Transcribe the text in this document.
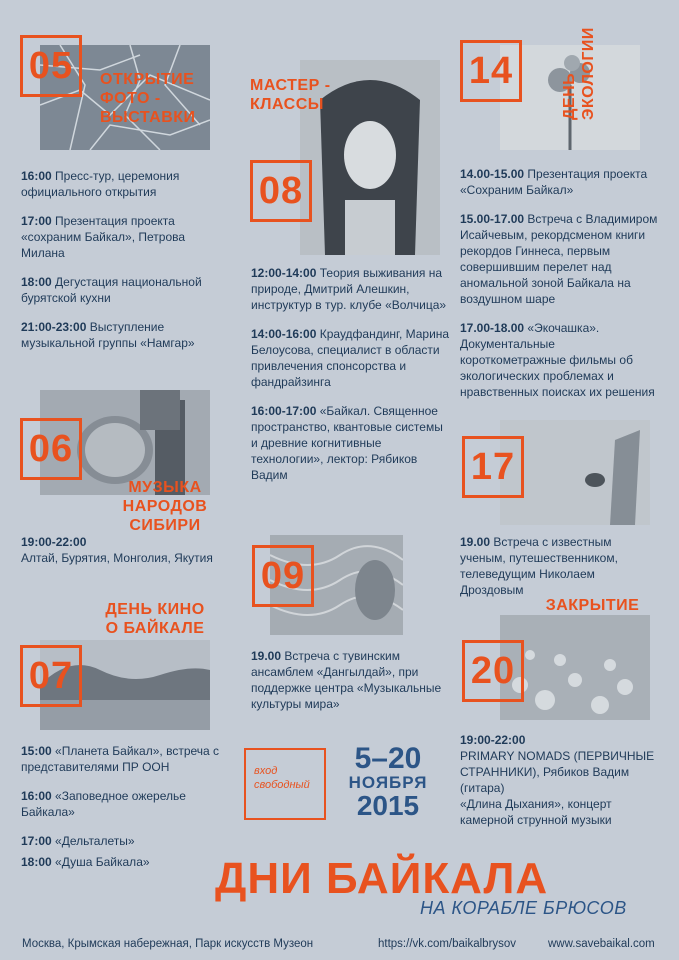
05	ОТКРЫТИЕ
ФОТО -
ВЫСТАВКИ

16:00 Пресс-тур, церемония официального открытия

17:00 Презентация проекта «сохраним Байкал», Петрова Милана

18:00 Дегустация национальной бурятской кухни

21:00-23:00 Выступление музыкальной группы «Намгар»

06
МУЗЫКА
НАРОДОВ
СИБИРИ

19:00-22:00
Алтай, Бурятия, Монголия, Якутия

ДЕНЬ КИНО
О БАЙКАЛЕ
07

15:00 «Планета Байкал», встреча с представителями ПР ООН

16:00 «Заповедное ожерелье Байкала»

17:00 «Дельталеты»

18:00 «Душа Байкала»

МАСТЕР -
КЛАССЫ
08

12:00-14:00 Теория выживания на природе, Дмитрий Алешкин, инструктур в тур. клубе «Волчица»

14:00-16:00 Краудфандинг, Марина Белоусова, специалист в области привлечения спонсорства и фандрайзинга

16:00-17:00 «Байкал. Священное пространство, квантовые системы и древние когнитивные технологии», лектор: Рябиков Вадим

09

19.00 Встреча с тувинским ансамблем «Дангылдай», при поддержке центра «Музыкальные культуры мира»

14
ДЕНЬ ЭКОЛОГИИ

14.00-15.00 Презентация проекта «Сохраним Байкал»

15.00-17.00 Встреча с Владимиром Исайчевым, рекордсменом книги рекордов Гиннеса, первым совершившим перелет над аномальной зоной Байкала на воздушном шаре

17.00-18.00 «Экочашка». Документальные короткометражные фильмы об экологических проблемах и нравственных поисках их решения

17

19.00 Встреча с известным ученым, путешественником, телеведущим Николаем Дроздовым

ЗАКРЫТИЕ

20

19:00-22:00
PRIMARY NOMADS (ПЕРВИЧНЫЕ СТРАННИКИ), Рябиков Вадим (гитара)

«Длина Дыхания», концерт камерной струнной музыки

вход
свободный
5–20
НОЯБРЯ
2015
ДНИ БАЙКАЛА
НА КОРАБЛЕ БРЮСОВ
Москва, Крымская набережная, Парк искусств Музеон	https://vk.com/baikalbrysov	www.savebaikal.com
